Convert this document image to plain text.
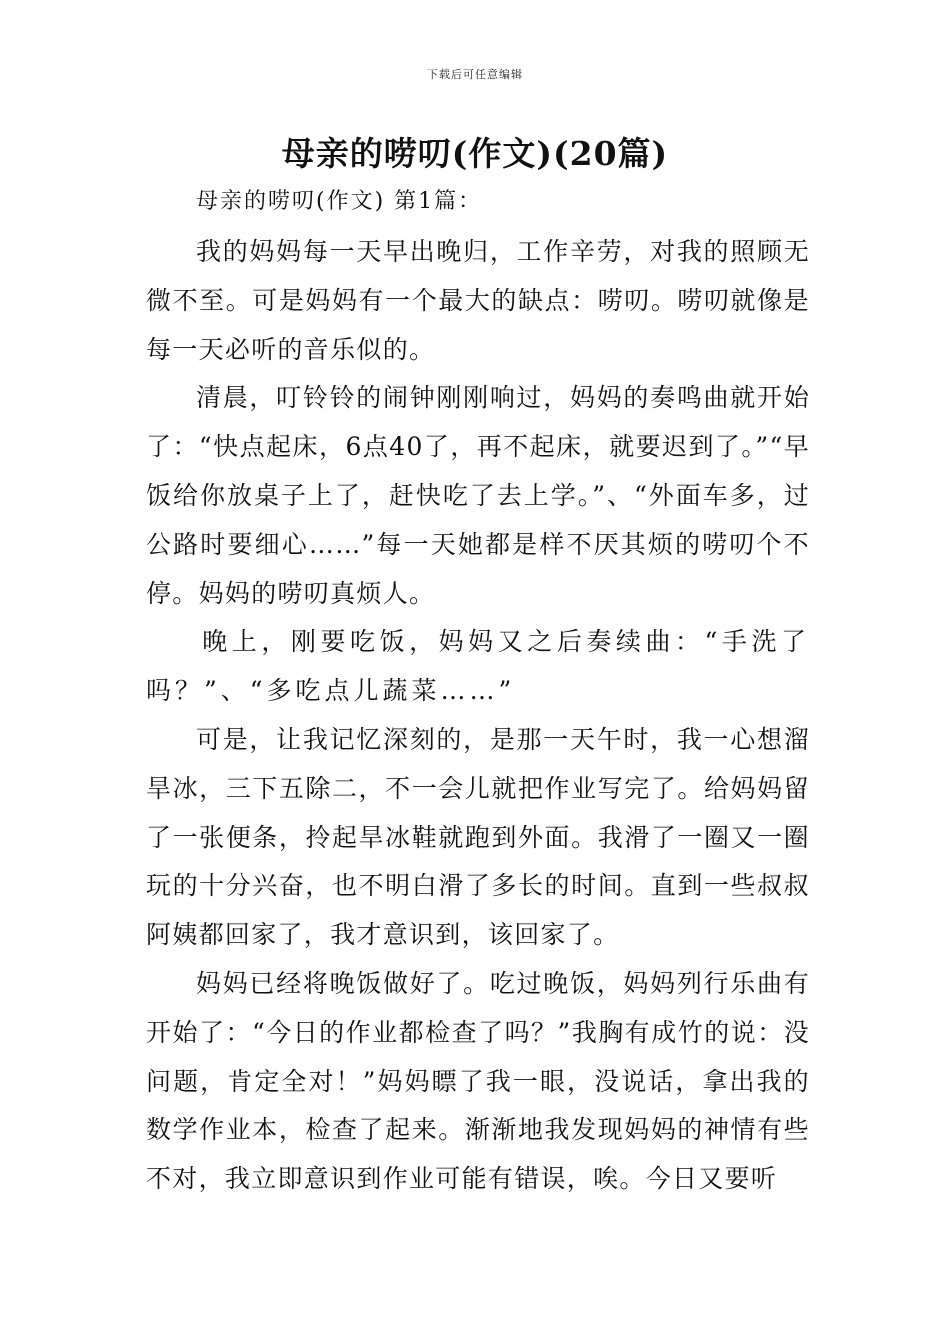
下载后可任意编辑
母亲的唠叨(作文)(20篇)
母亲的唠叨(作文) 第1篇：

我的妈妈每一天早出晚归，工作辛劳，对我的照顾无微不至。可是妈妈有一个最大的缺点：唠叨。唠叨就像是每一天必听的音乐似的。

清晨，叮铃铃的闹钟刚刚响过，妈妈的奏鸣曲就开始了：“快点起床，6点40了，再不起床，就要迟到了。”“早饭给你放桌子上了，赶快吃了去上学。”、“外面车多，过公路时要细心……”每一天她都是样不厌其烦的唠叨个不停。妈妈的唠叨真烦人。

晚上，刚要吃饭，妈妈又之后奏续曲：“手洗了吗？”、“多吃点儿蔬菜……”

可是，让我记忆深刻的，是那一天午时，我一心想溜旱冰，三下五除二，不一会儿就把作业写完了。给妈妈留了一张便条，拎起旱冰鞋就跑到外面。我滑了一圈又一圈玩的十分兴奋，也不明白滑了多长的时间。直到一些叔叔阿姨都回家了，我才意识到，该回家了。

妈妈已经将晚饭做好了。吃过晚饭，妈妈列行乐曲有开始了：“今日的作业都检查了吗？”我胸有成竹的说：没问题，肯定全对！”妈妈瞟了我一眼，没说话，拿出我的数学作业本，检查了起来。渐渐地我发现妈妈的神情有些不对，我立即意识到作业可能有错误，唉。今日又要听
